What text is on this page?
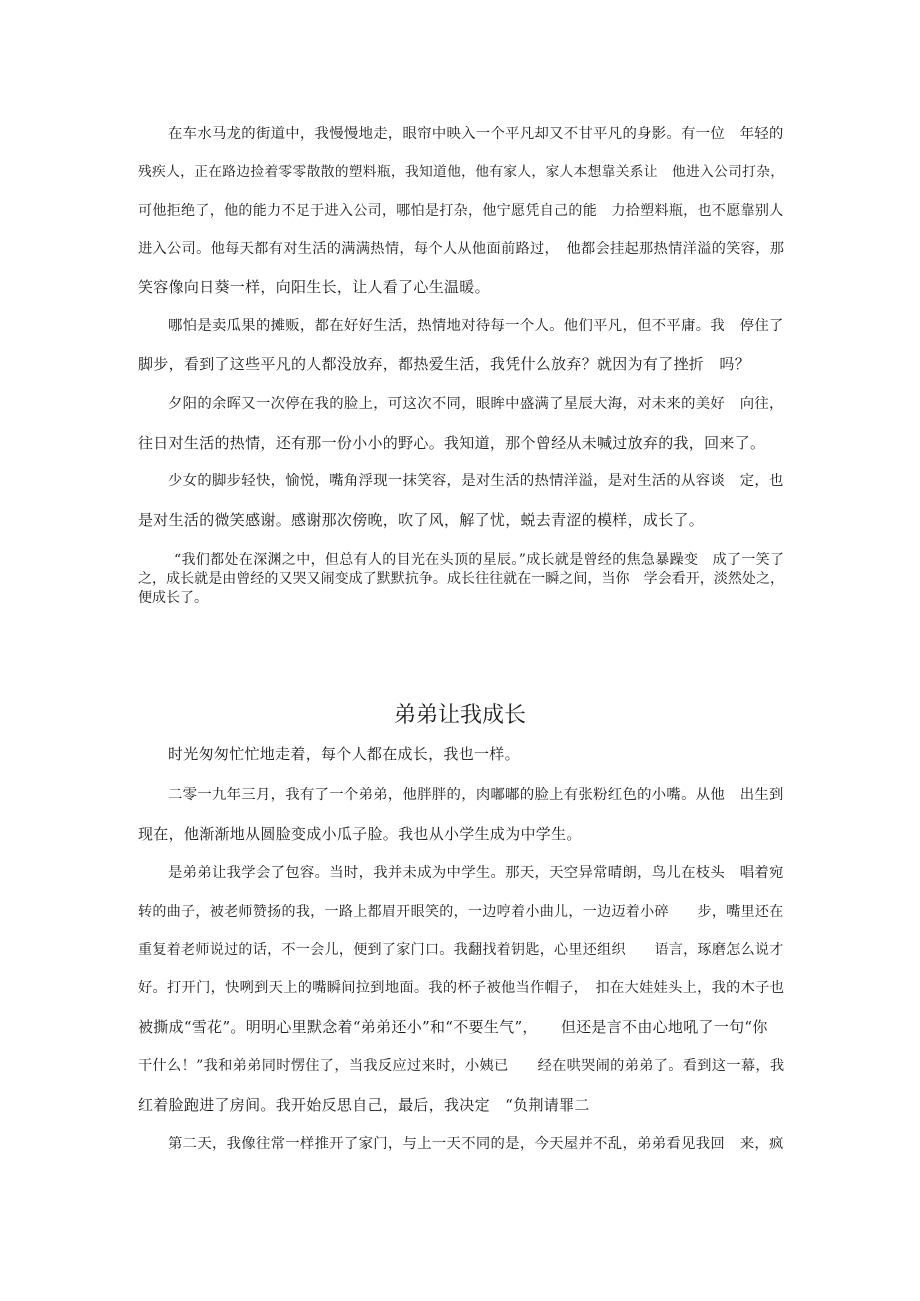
在车水马龙的街道中，我慢慢地走，眼帘中映入一个平凡却又不甘平凡的身影。有一位　年轻的
残疾人，正在路边捡着零零散散的塑料瓶，我知道他，他有家人，家人本想靠关系让　他进入公司打杂，
可他拒绝了，他的能力不足于进入公司，哪怕是打杂，他宁愿凭自己的能　力拾塑料瓶，也不愿靠别人
进入公司。他每天都有对生活的满满热情，每个人从他面前路过，　他都会挂起那热情洋溢的笑容，那
笑容像向日葵一样，向阳生长，让人看了心生温暖。
哪怕是卖瓜果的摊贩，都在好好生活，热情地对待每一个人。他们平凡，但不平庸。我　停住了
脚步，看到了这些平凡的人都没放弃，都热爱生活，我凭什么放弃？就因为有了挫折　吗？
夕阳的余晖又一次停在我的脸上，可这次不同，眼眸中盛满了星辰大海，对未来的美好　向往，
往日对生活的热情，还有那一份小小的野心。我知道，那个曾经从未喊过放弃的我，回来了。
少女的脚步轻快，愉悦，嘴角浮现一抹笑容，是对生活的热情洋溢，是对生活的从容谈　定，也
是对生活的微笑感谢。感谢那次傍晚，吹了风，解了忧，蜕去青涩的模样，成长了。
“我们都处在深渊之中，但总有人的目光在头顶的星辰。”成长就是曾经的焦急暴躁变　成了一笑了之，成长就是由曾经的又哭又闹变成了默默抗争。成长往往就在一瞬之间，当你　学会看开，淡然处之，便成长了。
弟弟让我成长
时光匆匆忙忙地走着，每个人都在成长，我也一样。
二零一九年三月，我有了一个弟弟，他胖胖的，肉嘟嘟的脸上有张粉红色的小嘴。从他　出生到
现在，他渐渐地从圆脸变成小瓜子脸。我也从小学生成为中学生。
是弟弟让我学会了包容。当时，我并未成为中学生。那天，天空异常晴朗，鸟儿在枝头　唱着宛
转的曲子，被老师赞扬的我，一路上都眉开眼笑的，一边哼着小曲儿，一边迈着小碎　　步，嘴里还在
重复着老师说过的话，不一会儿，便到了家门口。我翻找着钥匙，心里还组织　　语言，琢磨怎么说才
好。打开门，快咧到天上的嘴瞬间拉到地面。我的杯子被他当作帽子，　扣在大娃娃头上，我的木子也
被撕成“雪花”。明明心里默念着“弟弟还小”和“不要生气”，　　但还是言不由心地吼了一句“你
干什么！”我和弟弟同时愣住了，当我反应过来时，小姨已　　经在哄哭闹的弟弟了。看到这一幕，我
红着脸跑进了房间。我开始反思自己，最后，我决定　“负荆请罪二
第二天，我像往常一样推开了家门，与上一天不同的是，今天屋并不乱，弟弟看见我回　来，疯
